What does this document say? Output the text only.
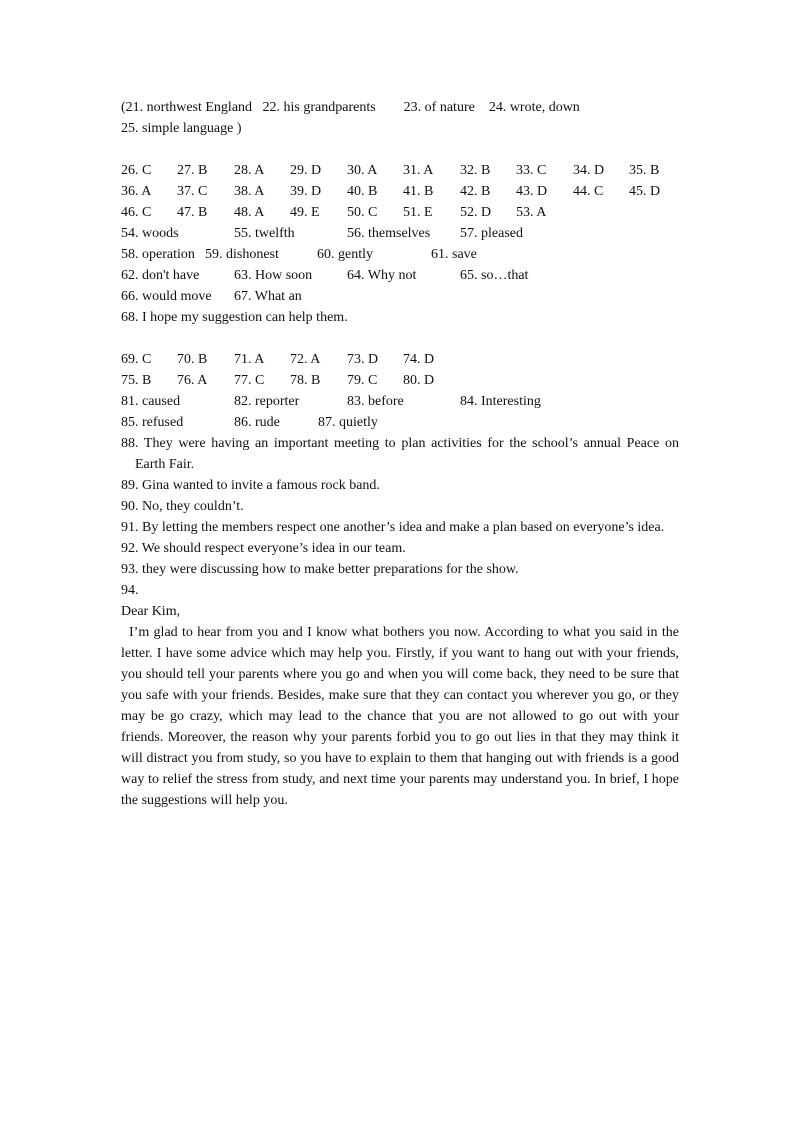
(21. northwest England   22. his grandparents        23. of nature    24. wrote, down
25. simple language )
26. C 27. B 28. A 29. D 30. A 31. A 32. B 33. C 34. D 35. B
36. A 37. C 38. A 39. D 40. B 41. B 42. B 43. D 44. C 45. D
46. C 47. B 48. A 49. E 50. C 51. E 52. D 53. A
54. woods	55. twelfth	56. themselves 57. pleased
58. operation 59. dishonest	60. gently	61. save
62. don't have 63. How soon 64. Why not	65. so…that
66. would move 67. What an
68. I hope my suggestion can help them.
69. C 70. B 71. A 72. A 73. D 74. D
75. B 76. A 77. C 78. B 79. C 80. D
81. caused	82. reporter	83. before	84. Interesting
85. refused	86. rude	87. quietly
88. They were having an important meeting to plan activities for the school’s annual Peace on Earth Fair.
89. Gina wanted to invite a famous rock band.
90. No, they couldn’t.
91. By letting the members respect one another’s idea and make a plan based on everyone’s idea.
92. We should respect everyone’s idea in our team.
93. they were discussing how to make better preparations for the show.
94.
Dear Kim,
I’m glad to hear from you and I know what bothers you now. According to what you said in the letter. I have some advice which may help you. Firstly, if you want to hang out with your friends, you should tell your parents where you go and when you will come back, they need to be sure that you safe with your friends. Besides, make sure that they can contact you wherever you go, or they may be go crazy, which may lead to the chance that you are not allowed to go out with your friends. Moreover, the reason why your parents forbid you to go out lies in that they may think it will distract you from study, so you have to explain to them that hanging out with friends is a good way to relief the stress from study, and next time your parents may understand you. In brief, I hope the suggestions will help you.
